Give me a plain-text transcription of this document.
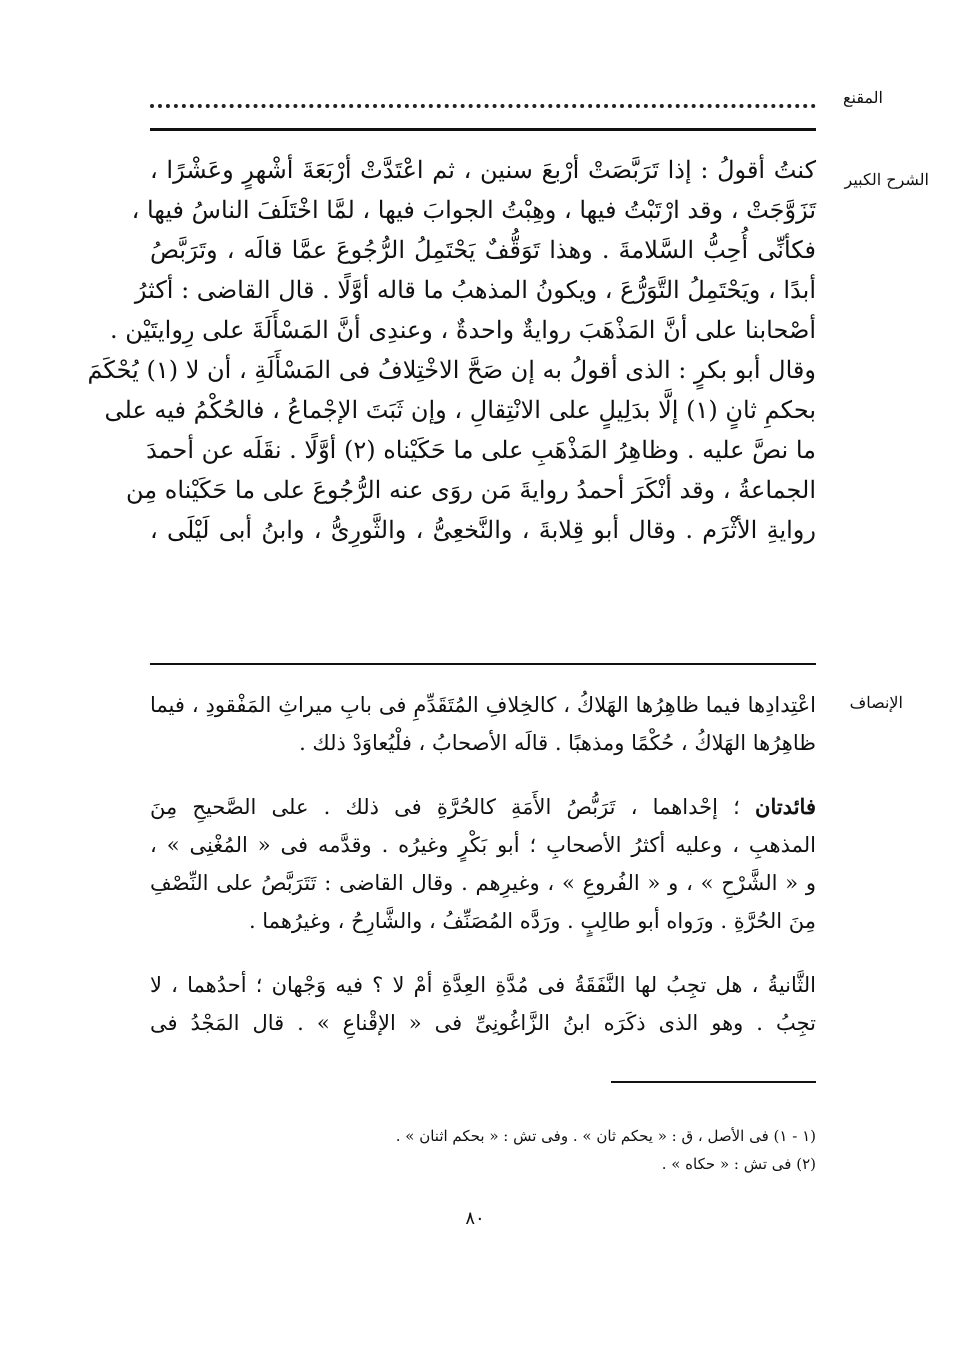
المقنع
الشرح الكبير
كنتُ أقولُ : إذا تَرَبَّصَتْ أرْبعَ سنين ، ثم اعْتَدَّتْ أرْبَعَةَ أشْهرٍ وعَشْرًا ،
تَزَوَّجَتْ ، وقد ارْتَبْتُ فيها ، وهِبْتُ الجوابَ فيها ، لمَّا اخْتَلَفَ الناسُ فيها ،
فكأنِّى أُحِبُّ السَّلامةَ . وهذا تَوَقُّفٌ يَحْتَمِلُ الرُّجُوعَ عمَّا قالَه ، وتَرَبَّصُ
أبدًا ، ويَحْتَمِلُ التَّوَرُّعَ ، ويكونُ المذهبُ ما قاله أوَّلًا . قال القاضى : أكثرُ
أصْحابنا على أنَّ المَذْهَبَ روايةٌ واحدةٌ ، وعندِى أنَّ المَسْأَلَةَ على رِوايتَيْن .
وقال أبو بكرٍ : الذى أقولُ به إن صَحَّ الاخْتِلافُ فى المَسْأَلَةِ ، أن لا (١) يُحْكَمَ
بحكمِ ثانٍ (١) إلَّا بدَلِيلٍ على الانْتِقالِ ، وإن ثَبَتَ الإجْماعُ ، فالحُكْمُ فيه على
ما نصَّ عليه . وظاهِرُ المَذْهَبِ على ما حَكَيْناه (٢) أوَّلًا . نقَلَه عن أحمدَ
الجماعةُ ، وقد أنْكَرَ أحمدُ روايةَ مَن روَى عنه الرُّجُوعَ على ما حَكَيْناه مِن
روايةِ الأثْرَم . وقال أبو قِلابةَ ، والنَّخعِىُّ ، والثَّورِىُّ ، وابنُ أبى لَيْلَى ،
الإنصاف
اعْتِدادِها فيما ظاهِرُها الهَلاكُ ، كالخِلافِ المُتَقَدِّمِ فى بابِ ميراثِ المَفْقودِ ، فيما
ظاهِرُها الهَلاكُ ، حُكْمًا ومذهبًا . قالَه الأصحابُ ، فلْيُعاوَدْ ذلك .
فائدتان ؛ إحْداهما ، تَرَبُّصُ الأَمَةِ كالحُرَّةِ فى ذلك . على الصَّحيحِ مِنَ
المذهبِ ، وعليه أكثرُ الأصحابِ ؛ أبو بَكْرٍ وغيرُه . وقدَّمه فى « المُغْنِى » ،
و « الشَّرْحِ » ، و « الفُروعِ » ، وغيرِهم . وقال القاضى : تَتَرَبَّصُ على النِّصْفِ
مِنَ الحُرَّةِ . ورَواه أبو طالِبٍ . ورَدَّه المُصَنِّفُ ، والشَّارِحُ ، وغيرُهما .
الثَّانيةُ ، هل تجِبُ لها النَّفَقَةُ فى مُدَّةِ العِدَّةِ أمْ لا ؟ فيه وَجْهان ؛ أحدُهما ، لا
تجِبُ . وهو الذى ذكَرَه ابنُ الزَّاغُونِىِّ فى « الإقْناعِ » . قال المَجْدُ فى
(١ - ١) فى الأصل ، ق : « يحكم ثان » . وفى تش : « بحكم اثنان » .
(٢) فى تش : « حكاه » .
٨٠
